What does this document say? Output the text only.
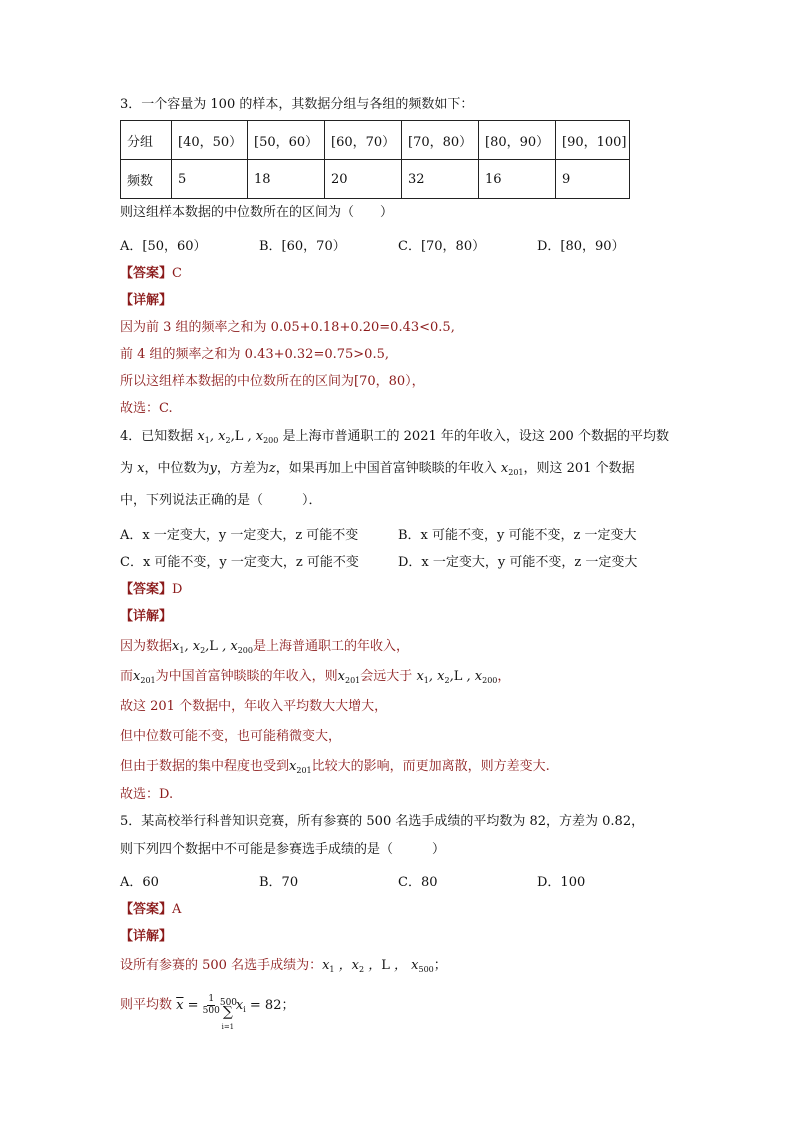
3．一个容量为 100 的样本，其数据分组与各组的频数如下：
分组	[40，50）	[50，60）	[60，70）	[70，80）	[80，90）	[90，100]
频数	5	18	20	32	16	9
则这组样本数据的中位数所在的区间为（　　）
A．[50，60）	B．[60，70）	C．[70，80）	D．[80，90）
【答案】C
【详解】
因为前 3 组的频率之和为 0.05+0.18+0.20=0.43<0.5,
前 4 组的频率之和为 0.43+0.32=0.75>0.5,
所以这组样本数据的中位数所在的区间为[70，80），
故选：C.
4．已知数据 $x_1$, $x_2,L$ , $x_{200}$ 是上海市普通职工的 2021 年的年收入，设这 200 个数据的平均数
为 x，中位数为y，方差为z，如果再加上中国首富钟睒睒的年收入 $x_{201}$，则这 201 个数据
中，下列说法正确的是（　　　）．
A．x 一定变大，y 一定变大，z 可能不变	B．x 可能不变，y 可能不变，z 一定变大
C．x 可能不变，y 一定变大，z 可能不变	D．x 一定变大，y 可能不变，z 一定变大
【答案】D
【详解】
因为数据$x_1$, $x_2,L$ , $x_{200}$是上海普通职工的年收入，
而$x_{201}$为中国首富钟睒睒的年收入，则$x_{201}$会远大于 $x_1$, $x_2,L$ , $x_{200}$，
故这 201 个数据中，年收入平均数大大增大，
但中位数可能不变，也可能稍微变大，
但由于数据的集中程度也受到$x_{201}$比较大的影响，而更加离散，则方差变大.
故选：D.
5．某高校举行科普知识竞赛，所有参赛的 500 名选手成绩的平均数为 82，方差为 0.82，
则下列四个数据中不可能是参赛选手成绩的是（　　　）
A．60	B．70	C．80	D．100
【答案】A
【详解】
设所有参赛的 500 名选手成绩为：$x_1$ ，$x_2$ ，L ， $x_{500}$；
则平均数 $\overline{x} = \frac{1}{500} 500$
∑
i=1
$x_i = 82$；
